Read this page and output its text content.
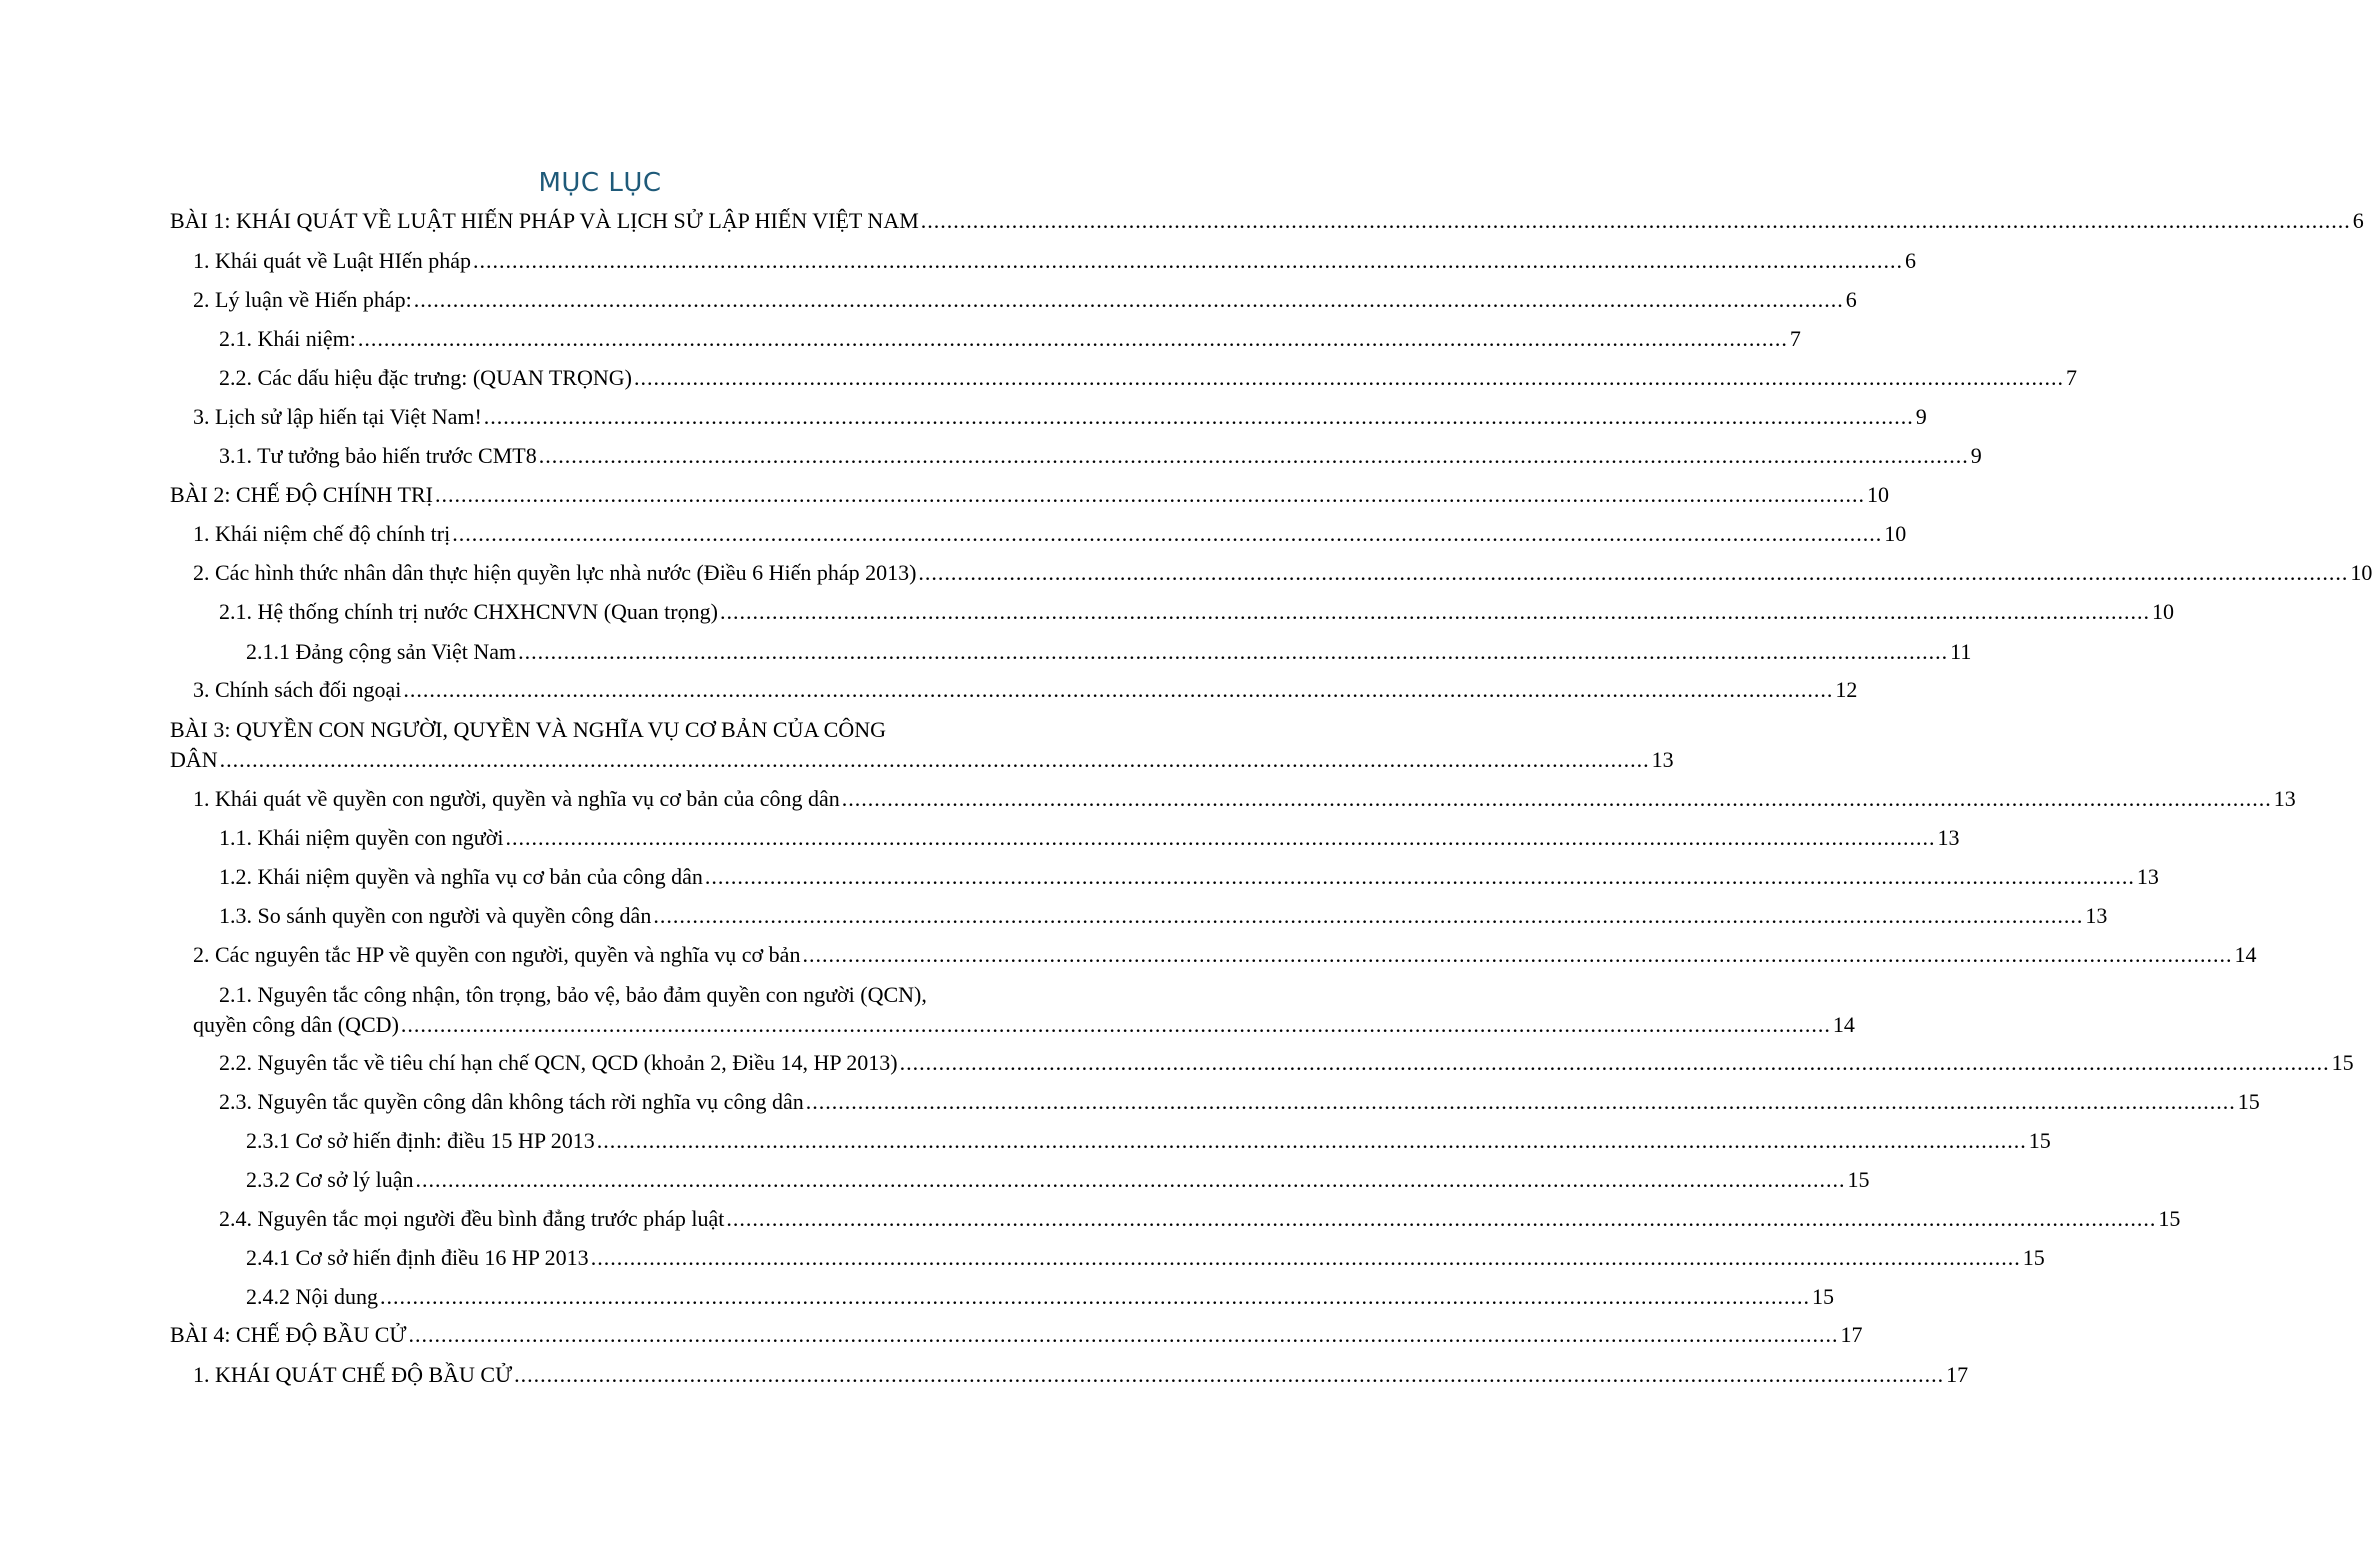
MỤC LỤC
BÀI 1: KHÁI QUÁT VỀ LUẬT HIẾN PHÁP VÀ LỊCH SỬ LẬP HIẾN VIỆT NAM ............................................................................................................................................................................................................................ 6
1. Khái quát về Luật HIến pháp ............................................................................................................................................................................................................................ 6
2. Lý luận về Hiến pháp: ............................................................................................................................................................................................................................ 6
2.1. Khái niệm: ............................................................................................................................................................................................................................ 7
2.2. Các dấu hiệu đặc trưng: (QUAN TRỌNG) ............................................................................................................................................................................................................................ 7
3. Lịch sử lập hiến tại Việt Nam! ............................................................................................................................................................................................................................ 9
3.1. Tư tưởng bảo hiến trước CMT8 ............................................................................................................................................................................................................................ 9
BÀI 2: CHẾ ĐỘ CHÍNH TRỊ ............................................................................................................................................................................................................................ 10
1. Khái niệm chế độ chính trị ............................................................................................................................................................................................................................ 10
2. Các hình thức nhân dân thực hiện quyền lực nhà nước (Điều 6 Hiến pháp 2013) ............................................................................................................................................................................................................................ 10
2.1. Hệ thống chính trị nước CHXHCNVN (Quan trọng) ............................................................................................................................................................................................................................ 10
2.1.1 Đảng cộng sản Việt Nam ............................................................................................................................................................................................................................ 11
3. Chính sách đối ngoại ............................................................................................................................................................................................................................ 12
BÀI 3: QUYỀN CON NGƯỜI, QUYỀN VÀ NGHĨA VỤ CƠ BẢN CỦA CÔNG
DÂN ............................................................................................................................................................................................................................ 13
1. Khái quát về quyền con người, quyền và nghĩa vụ cơ bản của công dân ............................................................................................................................................................................................................................ 13
1.1. Khái niệm quyền con người ............................................................................................................................................................................................................................ 13
1.2. Khái niệm quyền và nghĩa vụ cơ bản của công dân ............................................................................................................................................................................................................................ 13
1.3. So sánh quyền con người và quyền công dân ............................................................................................................................................................................................................................ 13
2. Các nguyên tắc HP về quyền con người, quyền và nghĩa vụ cơ bản ............................................................................................................................................................................................................................ 14
2.1. Nguyên tắc công nhận, tôn trọng, bảo vệ, bảo đảm quyền con người (QCN),
quyền công dân (QCD) ............................................................................................................................................................................................................................ 14
2.2. Nguyên tắc về tiêu chí hạn chế QCN, QCD (khoản 2, Điều 14, HP 2013) ............................................................................................................................................................................................................................ 15
2.3. Nguyên tắc quyền công dân không tách rời nghĩa vụ công dân ............................................................................................................................................................................................................................ 15
2.3.1 Cơ sở hiến định: điều 15 HP 2013 ............................................................................................................................................................................................................................ 15
2.3.2 Cơ sở lý luận ............................................................................................................................................................................................................................ 15
2.4. Nguyên tắc mọi người đều bình đẳng trước pháp luật ............................................................................................................................................................................................................................ 15
2.4.1 Cơ sở hiến định điều 16 HP 2013 ............................................................................................................................................................................................................................ 15
2.4.2 Nội dung ............................................................................................................................................................................................................................ 15
BÀI 4: CHẾ ĐỘ BẦU CỬ ............................................................................................................................................................................................................................ 17
1. KHÁI QUÁT CHẾ ĐỘ BẦU CỬ ............................................................................................................................................................................................................................ 17
